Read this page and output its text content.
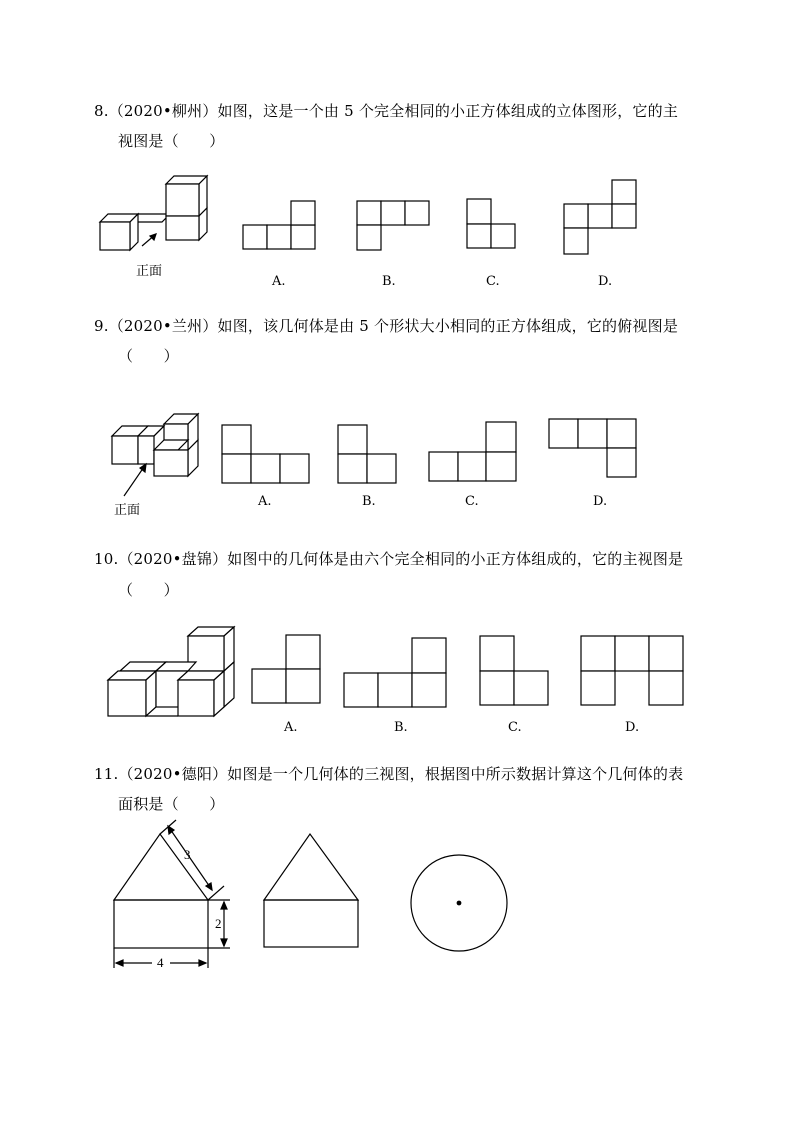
8.（2020•柳州）如图，这是一个由 5 个完全相同的小正方体组成的立体图形，它的主
视图是（　　）
正面
A.	B.	C.	D.
9.（2020•兰州）如图，该几何体是由 5 个形状大小相同的正方体组成，它的俯视图是
（　　）
正面
A.	B.	C.	D.
10.（2020•盘锦）如图中的几何体是由六个完全相同的小正方体组成的，它的主视图是
（　　）
A.	B.	C.	D.
11.（2020•德阳）如图是一个几何体的三视图，根据图中所示数据计算这个几何体的表
面积是（　　）
3
2
4
